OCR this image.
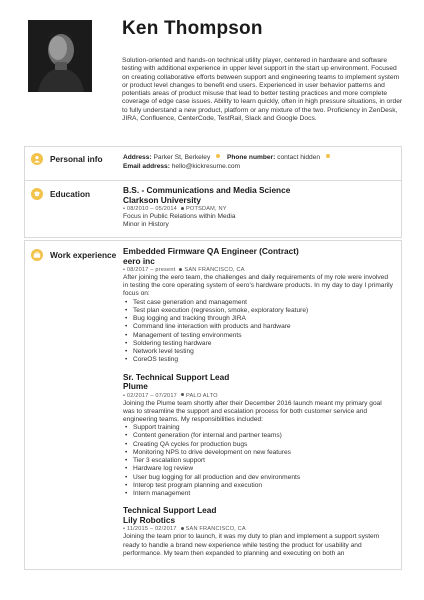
Ken Thompson
Solution-oriented and hands-on technical utility player, centered in hardware and software testing with additional experience in upper level support in the start up environment. Focused on creating collaborative efforts between support and engineering teams to implement system or product level changes to benefit end users. Experienced in user behavior patterns and potentials areas of product misuse that lead to better testing practices and more complete coverage of edge case issues. Ability to learn quickly, often in high pressure situations, in order to fully understand a new product, platform or any mixture of the two. Proficiency in ZenDesk, JIRA, Confluence, CenterCode, TestRail, Slack and Google Docs.
Personal info	Address: Parker St, Berkeley	Phone number: contact hidden
Email address: hello@kickresume.com
Education	B.S. - Communications and Media Science
Clarkson University
• 08/2010 – 05/2014 POTSDAM, NY
Focus in Public Relations within Media
Minor in History
Work experience Embedded Firmware QA Engineer (Contract)
eero inc
• 08/2017 – present SAN FRANCISCO, CA
After joining the eero team, the challenges and daily requirements of my role were involved in testing the core operating system of eero's hardware products. In my day to day I primarily focus on:
• Test case generation and management
• Test plan execution (regression, smoke, exploratory feature)
• Bug logging and tracking through JIRA
• Command line interaction with products and hardware
• Management of testing environments
• Soldering testing hardware
• Network level testing
• CoreOS testing
Sr. Technical Support Lead
Plume
• 02/2017 – 07/2017 PALO ALTO
Joining the Plume team shortly after their December 2016 launch meant my primary goal was to streamline the support and escalation process for both customer service and engineering teams. My responsibilities included:
• Support training
• Content generation (for internal and partner teams)
• Creating QA cycles for production bugs
• Monitoring NPS to drive development on new features
• Tier 3 escalation support
• Hardware log review
• User bug logging for all production and dev environments
• Interop test program planning and execution
• Intern management
Technical Support Lead
Lily Robotics
• 11/2015 – 02/2017 SAN FRANCISCO, CA
Joining the team prior to launch, it was my duty to plan and implement a support system ready to handle a brand new experience while testing the product for usability and performance. My team then expanded to planning and executing on both an
